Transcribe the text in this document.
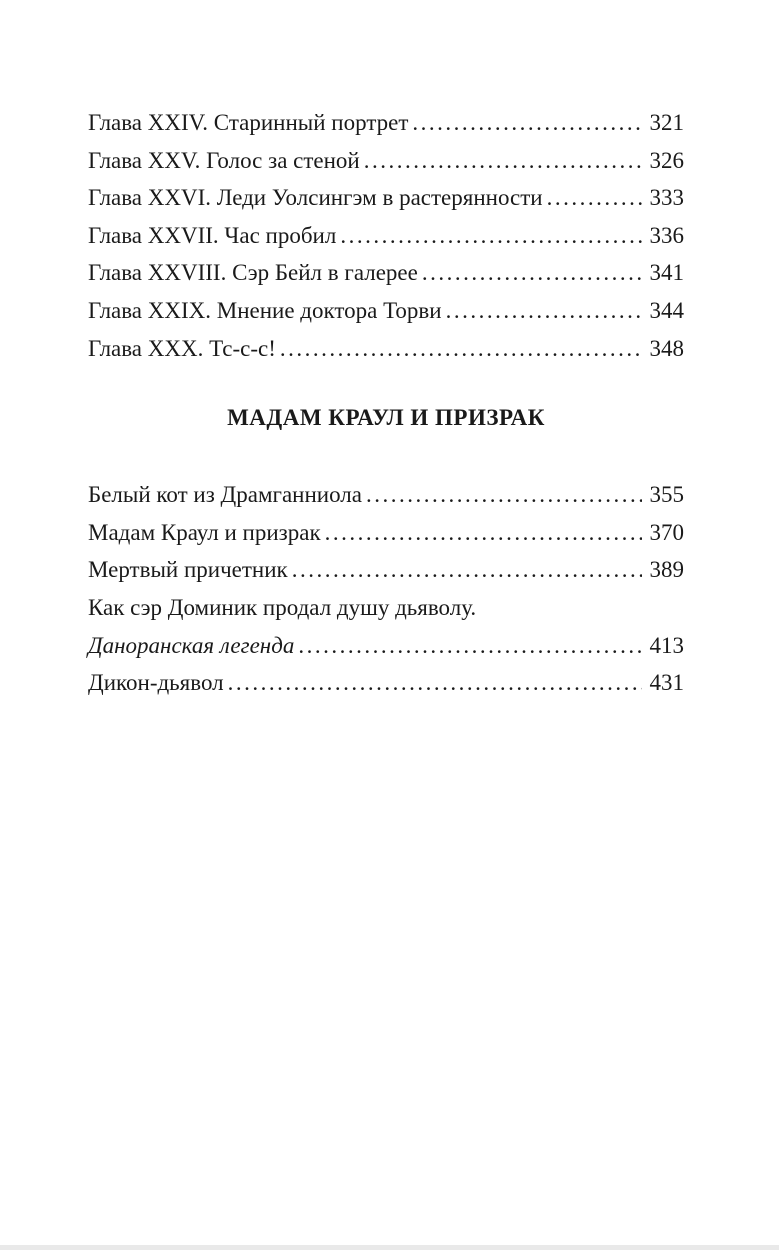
Глава XXIV. Старинный портрет .....	321
Глава XXV. Голос за стеной .....	326
Глава XXVI. Леди Уолсингэм в растерянности .....	333
Глава XXVII. Час пробил .....	336
Глава XXVIII. Сэр Бейл в галерее .....	341
Глава XXIX. Мнение доктора Торви .....	344
Глава XXX. Тс-с-с! .....	348
МАДАМ КРАУЛ И ПРИЗРАК
Белый кот из Драмганниола .....	355
Мадам Краул и призрак .....	370
Мертвый причетник .....	389
Как сэр Доминик продал душу дьяволу.
Даноранская легенда .....	413
Дикон-дьявол .....	431
